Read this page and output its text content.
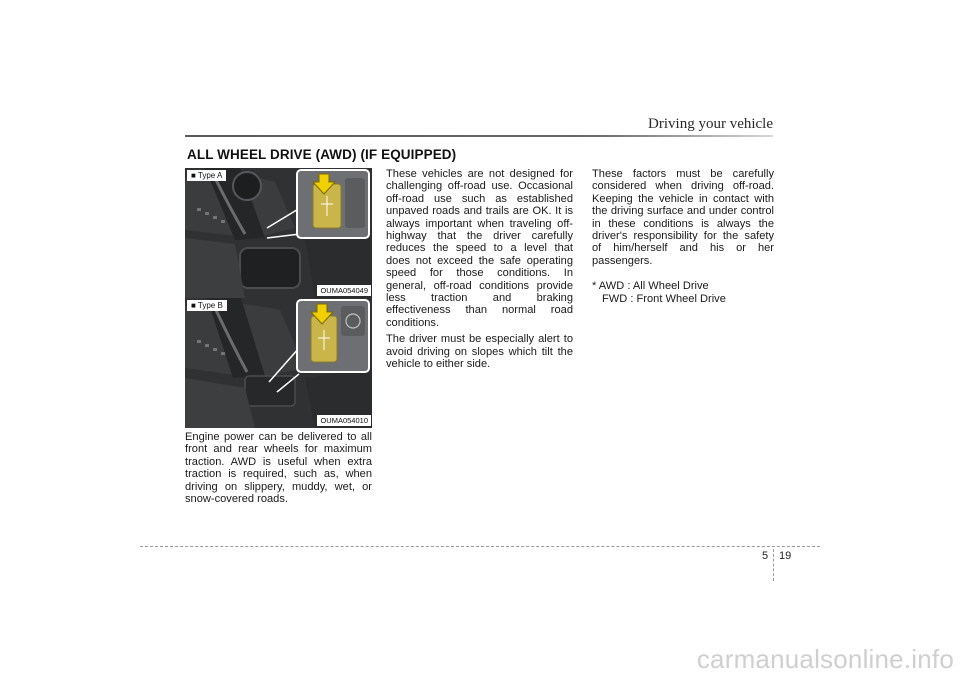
Driving your vehicle
ALL WHEEL DRIVE (AWD) (IF EQUIPPED)
■ Type A
OUMA054049
■ Type B
OUMA054010

Engine power can be delivered to all front and rear wheels for maximum traction. AWD is useful when extra traction is required, such as, when driving on slippery, muddy, wet, or snow-covered roads.

These vehicles are not designed for challenging off-road use. Occasional off-road use such as established unpaved roads and trails are OK. It is always important when traveling off-highway that the driver carefully reduces the speed to a level that does not exceed the safe operating speed for those conditions. In general, off-road conditions provide less traction and braking effectiveness than normal road conditions.

The driver must be especially alert to avoid driving on slopes which tilt the vehicle to either side.

These factors must be carefully considered when driving off-road. Keeping the vehicle in contact with the driving surface and under control in these conditions is always the driver's responsibility for the safety of him/herself and his or her passengers.

* AWD : All Wheel Drive
FWD : Front Wheel Drive
5 19
carmanualsonline.info
